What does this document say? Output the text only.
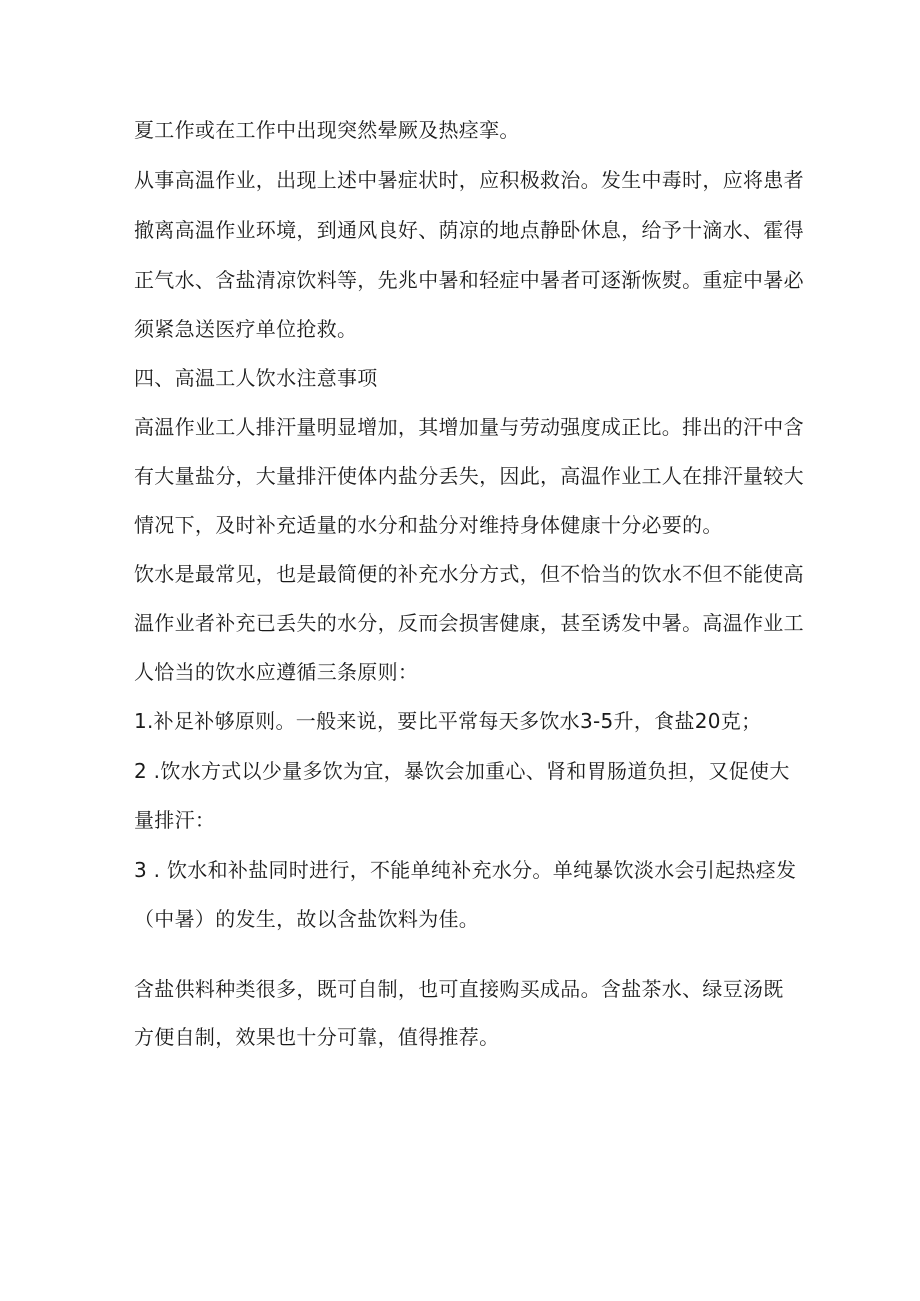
夏工作或在工作中出现突然晕厥及热痉挛。

从事高温作业，出现上述中暑症状时，应积极救治。发生中毒时，应将患者

撤离高温作业环境，到通风良好、荫凉的地点静卧休息，给予十滴水、霍得

正气水、含盐清凉饮料等，先兆中暑和轻症中暑者可逐渐恢熨。重症中暑必

须紧急送医疗单位抢救。

四、高温工人饮水注意事项

高温作业工人排汗量明显增加，其增加量与劳动强度成正比。排出的汗中含

有大量盐分，大量排汗使体内盐分丢失，因此，高温作业工人在排汗量较大

情况下，及时补充适量的水分和盐分对维持身体健康十分必要的。

饮水是最常见，也是最简便的补充水分方式，但不恰当的饮水不但不能使高

温作业者补充已丢失的水分，反而会损害健康，甚至诱发中暑。高温作业工

人恰当的饮水应遵循三条原则：

1.补足补够原则。一般来说，要比平常每天多饮水3-5升，食盐20克；

2 .饮水方式以少量多饮为宜，暴饮会加重心、肾和胃肠道负担，又促使大

量排汗：

3 . 饮水和补盐同时进行，不能单纯补充水分。单纯暴饮淡水会引起热痉发

（中暑）的发生，故以含盐饮料为佳。

含盐供料种类很多，既可自制，也可直接购买成品。含盐茶水、绿豆汤既

方便自制，效果也十分可靠，值得推荐。
